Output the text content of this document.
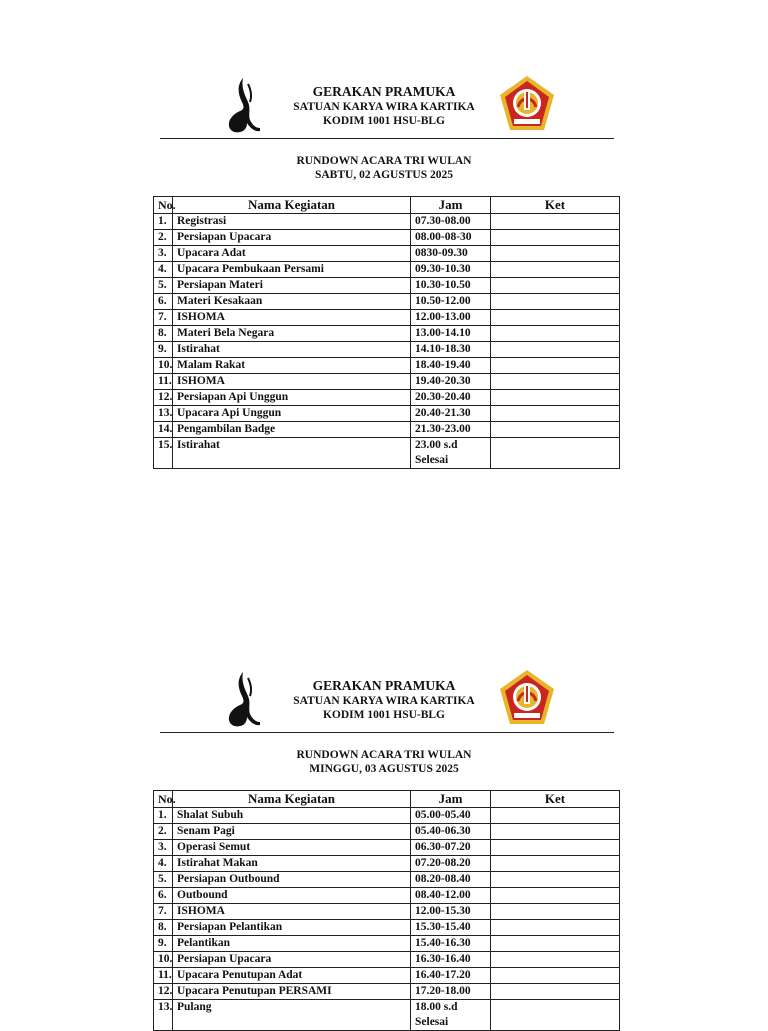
GERAKAN PRAMUKA
SATUAN KARYA WIRA KARTIKA
KODIM 1001 HSU-BLG
RUNDOWN ACARA TRI WULAN
SABTU, 02 AGUSTUS 2025
No.	Nama Kegiatan	Jam	Ket
1.	Registrasi	07.30-08.00	
2.	Persiapan Upacara	08.00-08-30	
3.	Upacara Adat	0830-09.30	
4.	Upacara Pembukaan Persami	09.30-10.30	
5.	Persiapan Materi	10.30-10.50	
6.	Materi Kesakaan	10.50-12.00	
7.	ISHOMA	12.00-13.00	
8.	Materi Bela Negara	13.00-14.10	
9.	Istirahat	14.10-18.30	
10.	Malam Rakat	18.40-19.40	
11.	ISHOMA	19.40-20.30	
12.	Persiapan Api Unggun	20.30-20.40	
13.	Upacara Api Unggun	20.40-21.30	
14.	Pengambilan Badge	21.30-23.00	
15.	Istirahat	23.00 s.d
Selesai	
GERAKAN PRAMUKA
SATUAN KARYA WIRA KARTIKA
KODIM 1001 HSU-BLG
RUNDOWN ACARA TRI WULAN
MINGGU, 03 AGUSTUS 2025
No.	Nama Kegiatan	Jam	Ket
1.	Shalat Subuh	05.00-05.40	
2.	Senam Pagi	05.40-06.30	
3.	Operasi Semut	06.30-07.20	
4.	Istirahat Makan	07.20-08.20	
5.	Persiapan Outbound	08.20-08.40	
6.	Outbound	08.40-12.00	
7.	ISHOMA	12.00-15.30	
8.	Persiapan Pelantikan	15.30-15.40	
9.	Pelantikan	15.40-16.30	
10.	Persiapan Upacara	16.30-16.40	
11.	Upacara Penutupan Adat	16.40-17.20	
12.	Upacara Penutupan PERSAMI	17.20-18.00	
13.	Pulang	18.00 s.d
Selesai	
